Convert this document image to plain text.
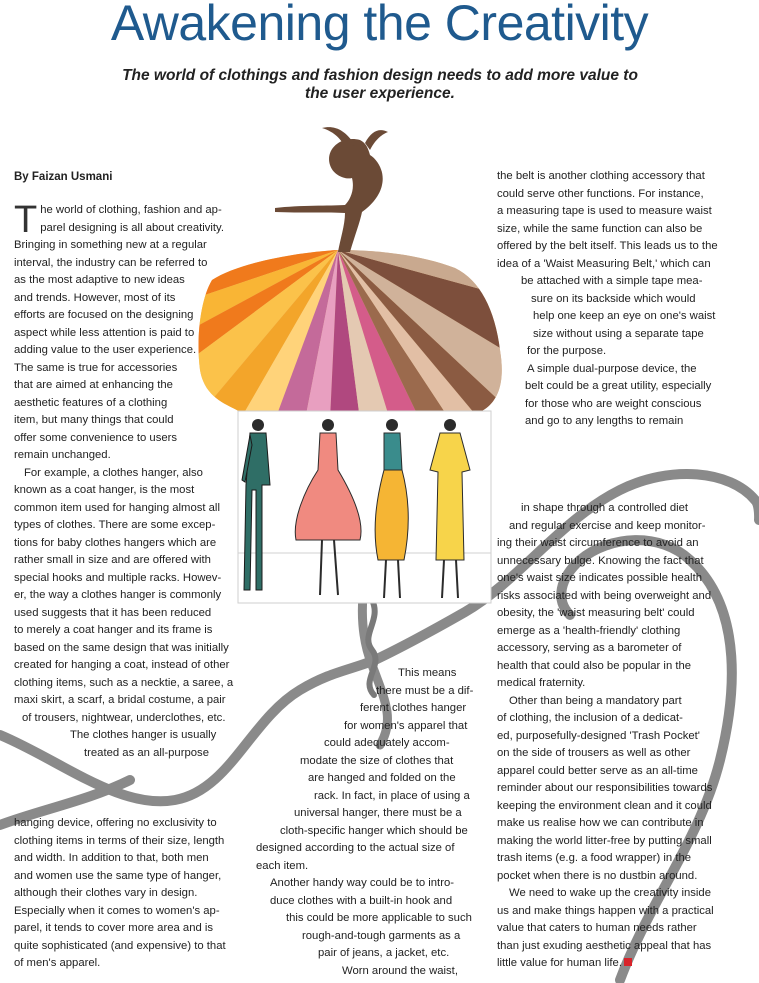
Awakening the Creativity

The world of clothings and fashion design needs to add more value to
the user experience.

By Faizan Usmani
T he world of clothing, fashion and ap-
parel designing is all about creativity.
Bringing in something new at a regular
interval, the industry can be referred to
as the most adaptive to new ideas
and trends. However, most of its
efforts are focused on the designing
aspect while less attention is paid to
adding value to the user experience.
The same is true for accessories
that are aimed at enhancing the
aesthetic features of a clothing
item, but many things that could
offer some convenience to users
remain unchanged.
For example, a clothes hanger, also
known as a coat hanger, is the most
common item used for hanging almost all
types of clothes. There are some excep-
tions for baby clothes hangers which are
rather small in size and are offered with
special hooks and multiple racks. Howev-
er, the way a clothes hanger is commonly
used suggests that it has been reduced
to merely a coat hanger and its frame is
based on the same design that was initially
created for hanging a coat, instead of other
clothing items, such as a necktie, a saree, a
maxi skirt, a scarf, a bridal costume, a pair
of trousers, nightwear, underclothes, etc.
The clothes hanger is usually
treated as an all-purpose
hanging device, offering no exclusivity to
clothing items in terms of their size, length
and width. In addition to that, both men
and women use the same type of hanger,
although their clothes vary in design.
Especially when it comes to women's ap-
parel, it tends to cover more area and is
quite sophisticated (and expensive) to that
of men's apparel.
This means
there must be a dif-
ferent clothes hanger
for women's apparel that
could adequately accom-
modate the size of clothes that
are hanged and folded on the
rack. In fact, in place of using a
universal hanger, there must be a
cloth-specific hanger which should be
designed according to the actual size of
each item.
Another handy way could be to intro-
duce clothes with a built-in hook and
this could be more applicable to such
rough-and-tough garments as a
pair of jeans, a jacket, etc.
Worn around the waist,
the belt is another clothing accessory that
could serve other functions. For instance,
a measuring tape is used to measure waist
size, while the same function can also be
offered by the belt itself. This leads us to the
idea of a 'Waist Measuring Belt,' which can
be attached with a simple tape mea-
sure on its backside which would
help one keep an eye on one's waist
size without using a separate tape
for the purpose.
A simple dual-purpose device, the
belt could be a great utility, especially
for those who are weight conscious
and go to any lengths to remain
in shape through a controlled diet
and regular exercise and keep monitor-
ing their waist circumference to avoid an
unnecessary bulge. Knowing the fact that
one's waist size indicates possible health
risks associated with being overweight and
obesity, the 'waist measuring belt' could
emerge as a 'health-friendly' clothing
accessory, serving as a barometer of
health that could also be popular in the
medical fraternity.
Other than being a mandatory part
of clothing, the inclusion of a dedicat-
ed, purposefully-designed 'Trash Pocket'
on the side of trousers as well as other
apparel could better serve as an all-time
reminder about our responsibilities towards
keeping the environment clean and it could
make us realise how we can contribute in
making the world litter-free by putting small
trash items (e.g. a food wrapper) in the
pocket when there is no dustbin around.
We need to wake up the creativity inside
us and make things happen with a practical
value that caters to human needs rather
than just exuding aesthetic appeal that has
little value for human life.
